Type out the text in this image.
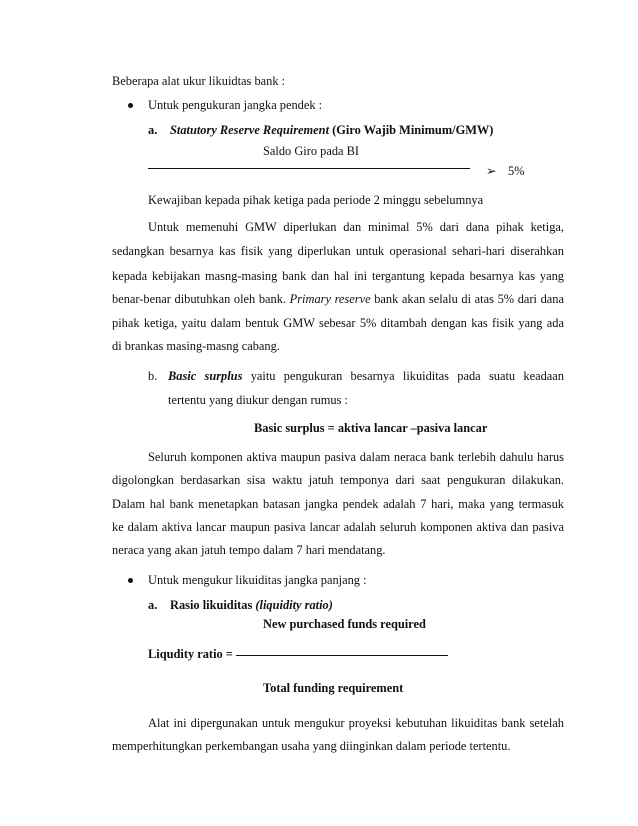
Beberapa alat ukur likuidtas bank :
Untuk pengukuran jangka pendek :
a. Statutory Reserve Requirement (Giro Wajib Minimum/GMW)
Saldo Giro pada BI
➢ 5%
Kewajiban kepada pihak ketiga pada periode 2 minggu sebelumnya
Untuk memenuhi GMW diperlukan dan minimal 5% dari dana pihak ketiga,
sedangkan besarnya kas fisik yang diperlukan untuk operasional sehari-hari diserahkan
kepada kebijakan masng-masing bank dan hal ini tergantung kepada besarnya kas yang
benar-benar dibutuhkan oleh bank. Primary reserve bank akan selalu di atas 5% dari dana
pihak ketiga, yaitu dalam bentuk GMW sebesar 5% ditambah dengan kas fisik yang ada
di brankas masing-masng cabang.
b. Basic surplus yaitu pengukuran besarnya likuiditas pada suatu keadaan
tertentu yang diukur dengan rumus :
Basic surplus = aktiva lancar –pasiva lancar
Seluruh komponen aktiva maupun pasiva dalam neraca bank terlebih dahulu harus
digolongkan berdasarkan sisa waktu jatuh temponya dari saat pengukuran dilakukan.
Dalam hal bank menetapkan batasan jangka pendek adalah 7 hari, maka yang termasuk
ke dalam aktiva lancar maupun pasiva lancar adalah seluruh komponen aktiva dan pasiva
neraca yang akan jatuh tempo dalam 7 hari mendatang.
Untuk mengukur likuiditas jangka panjang :
a. Rasio likuiditas (liquidity ratio)
New purchased funds required
Liqudity ratio =
Total funding requirement
Alat ini dipergunakan untuk mengukur proyeksi kebutuhan likuiditas bank setelah
memperhitungkan perkembangan usaha yang diinginkan dalam periode tertentu.
